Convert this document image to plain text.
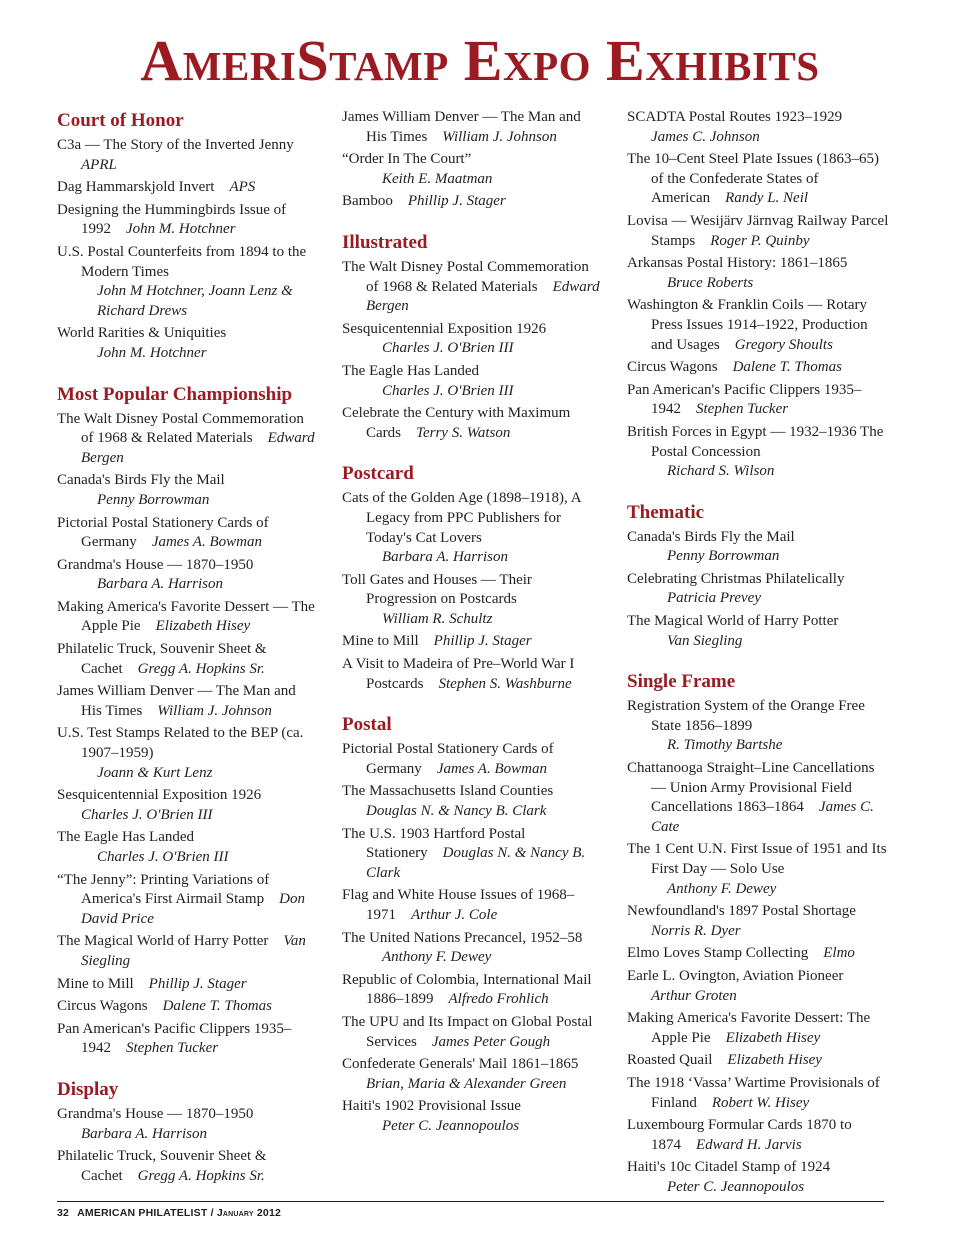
AmeriStamp Expo Exhibits
Court of Honor
C3a — The Story of the Inverted Jenny APRL
Dag Hammarskjold Invert  APS
Designing the Hummingbirds Issue of 1992  John M. Hotchner
U.S. Postal Counterfeits from 1894 to the Modern Times
John M Hotchner, Joann Lenz & Richard Drews
World Rarities & Uniquities
John M. Hotchner
Most Popular Championship
The Walt Disney Postal Commemoration of 1968 & Related Materials  Edward Bergen
Canada's Birds Fly the Mail
Penny Borrowman
Pictorial Postal Stationery Cards of Germany  James A. Bowman
Grandma's House — 1870–1950
Barbara A. Harrison
Making America's Favorite Dessert — The Apple Pie  Elizabeth Hisey
Philatelic Truck, Souvenir Sheet & Cachet  Gregg A. Hopkins Sr.
James William Denver — The Man and His Times  William J. Johnson
U.S. Test Stamps Related to the BEP (ca. 1907–1959)
Joann & Kurt Lenz
Sesquicentennial Exposition 1926 Charles J. O'Brien III
The Eagle Has Landed
Charles J. O'Brien III
“The Jenny”: Printing Variations of America's First Airmail Stamp  Don David Price
The Magical World of Harry Potter  Van Siegling
Mine to Mill  Phillip J. Stager
Circus Wagons  Dalene T. Thomas
Pan American's Pacific Clippers 1935–1942  Stephen Tucker
Display
Grandma's House — 1870–1950 Barbara A. Harrison
Philatelic Truck, Souvenir Sheet & Cachet  Gregg A. Hopkins Sr.
James William Denver — The Man and His Times  William J. Johnson
“Order In The Court”
Keith E. Maatman
Bamboo  Phillip J. Stager
Illustrated
The Walt Disney Postal Commemoration of 1968 & Related Materials  Edward Bergen
Sesquicentennial Exposition 1926
Charles J. O'Brien III
The Eagle Has Landed
Charles J. O'Brien III
Celebrate the Century with Maximum Cards  Terry S. Watson
Postcard
Cats of the Golden Age (1898–1918), A Legacy from PPC Publishers for Today's Cat Lovers
Barbara A. Harrison
Toll Gates and Houses — Their Progression on Postcards
William R. Schultz
Mine to Mill  Phillip J. Stager
A Visit to Madeira of Pre–World War I Postcards  Stephen S. Washburne
Postal
Pictorial Postal Stationery Cards of Germany  James A. Bowman
The Massachusetts Island Counties Douglas N. & Nancy B. Clark
The U.S. 1903 Hartford Postal Stationery  Douglas N. & Nancy B. Clark
Flag and White House Issues of 1968–1971  Arthur J. Cole
The United Nations Precancel, 1952–58
Anthony F. Dewey
Republic of Colombia, International Mail 1886–1899  Alfredo Frohlich
The UPU and Its Impact on Global Postal Services  James Peter Gough
Confederate Generals' Mail 1861–1865 Brian, Maria & Alexander Green
Haiti's 1902 Provisional Issue
Peter C. Jeannopoulos
SCADTA Postal Routes 1923–1929 James C. Johnson
The 10–Cent Steel Plate Issues (1863–65) of the Confederate States of American  Randy L. Neil
Lovisa — Wesijärv Järnvag Railway Parcel Stamps  Roger P. Quinby
Arkansas Postal History: 1861–1865
Bruce Roberts
Washington & Franklin Coils — Rotary Press Issues 1914–1922, Production and Usages  Gregory Shoults
Circus Wagons  Dalene T. Thomas
Pan American's Pacific Clippers 1935–1942  Stephen Tucker
British Forces in Egypt — 1932–1936 The Postal Concession
Richard S. Wilson
Thematic
Canada's Birds Fly the Mail
Penny Borrowman
Celebrating Christmas Philatelically
Patricia Prevey
The Magical World of Harry Potter
Van Siegling
Single Frame
Registration System of the Orange Free State 1856–1899
R. Timothy Bartshe
Chattanooga Straight–Line Cancellations — Union Army Provisional Field Cancellations 1863–1864  James C. Cate
The 1 Cent U.N. First Issue of 1951 and Its First Day — Solo Use
Anthony F. Dewey
Newfoundland's 1897 Postal Shortage Norris R. Dyer
Elmo Loves Stamp Collecting  Elmo
Earle L. Ovington, Aviation Pioneer Arthur Groten
Making America's Favorite Dessert: The Apple Pie  Elizabeth Hisey
Roasted Quail  Elizabeth Hisey
The 1918 ‘Vassa’ Wartime Provisionals of Finland  Robert W. Hisey
Luxembourg Formular Cards 1870 to 1874  Edward H. Jarvis
Haiti's 10c Citadel Stamp of 1924
Peter C. Jeannopoulos
32 AMERICAN PHILATELIST / January 2012
